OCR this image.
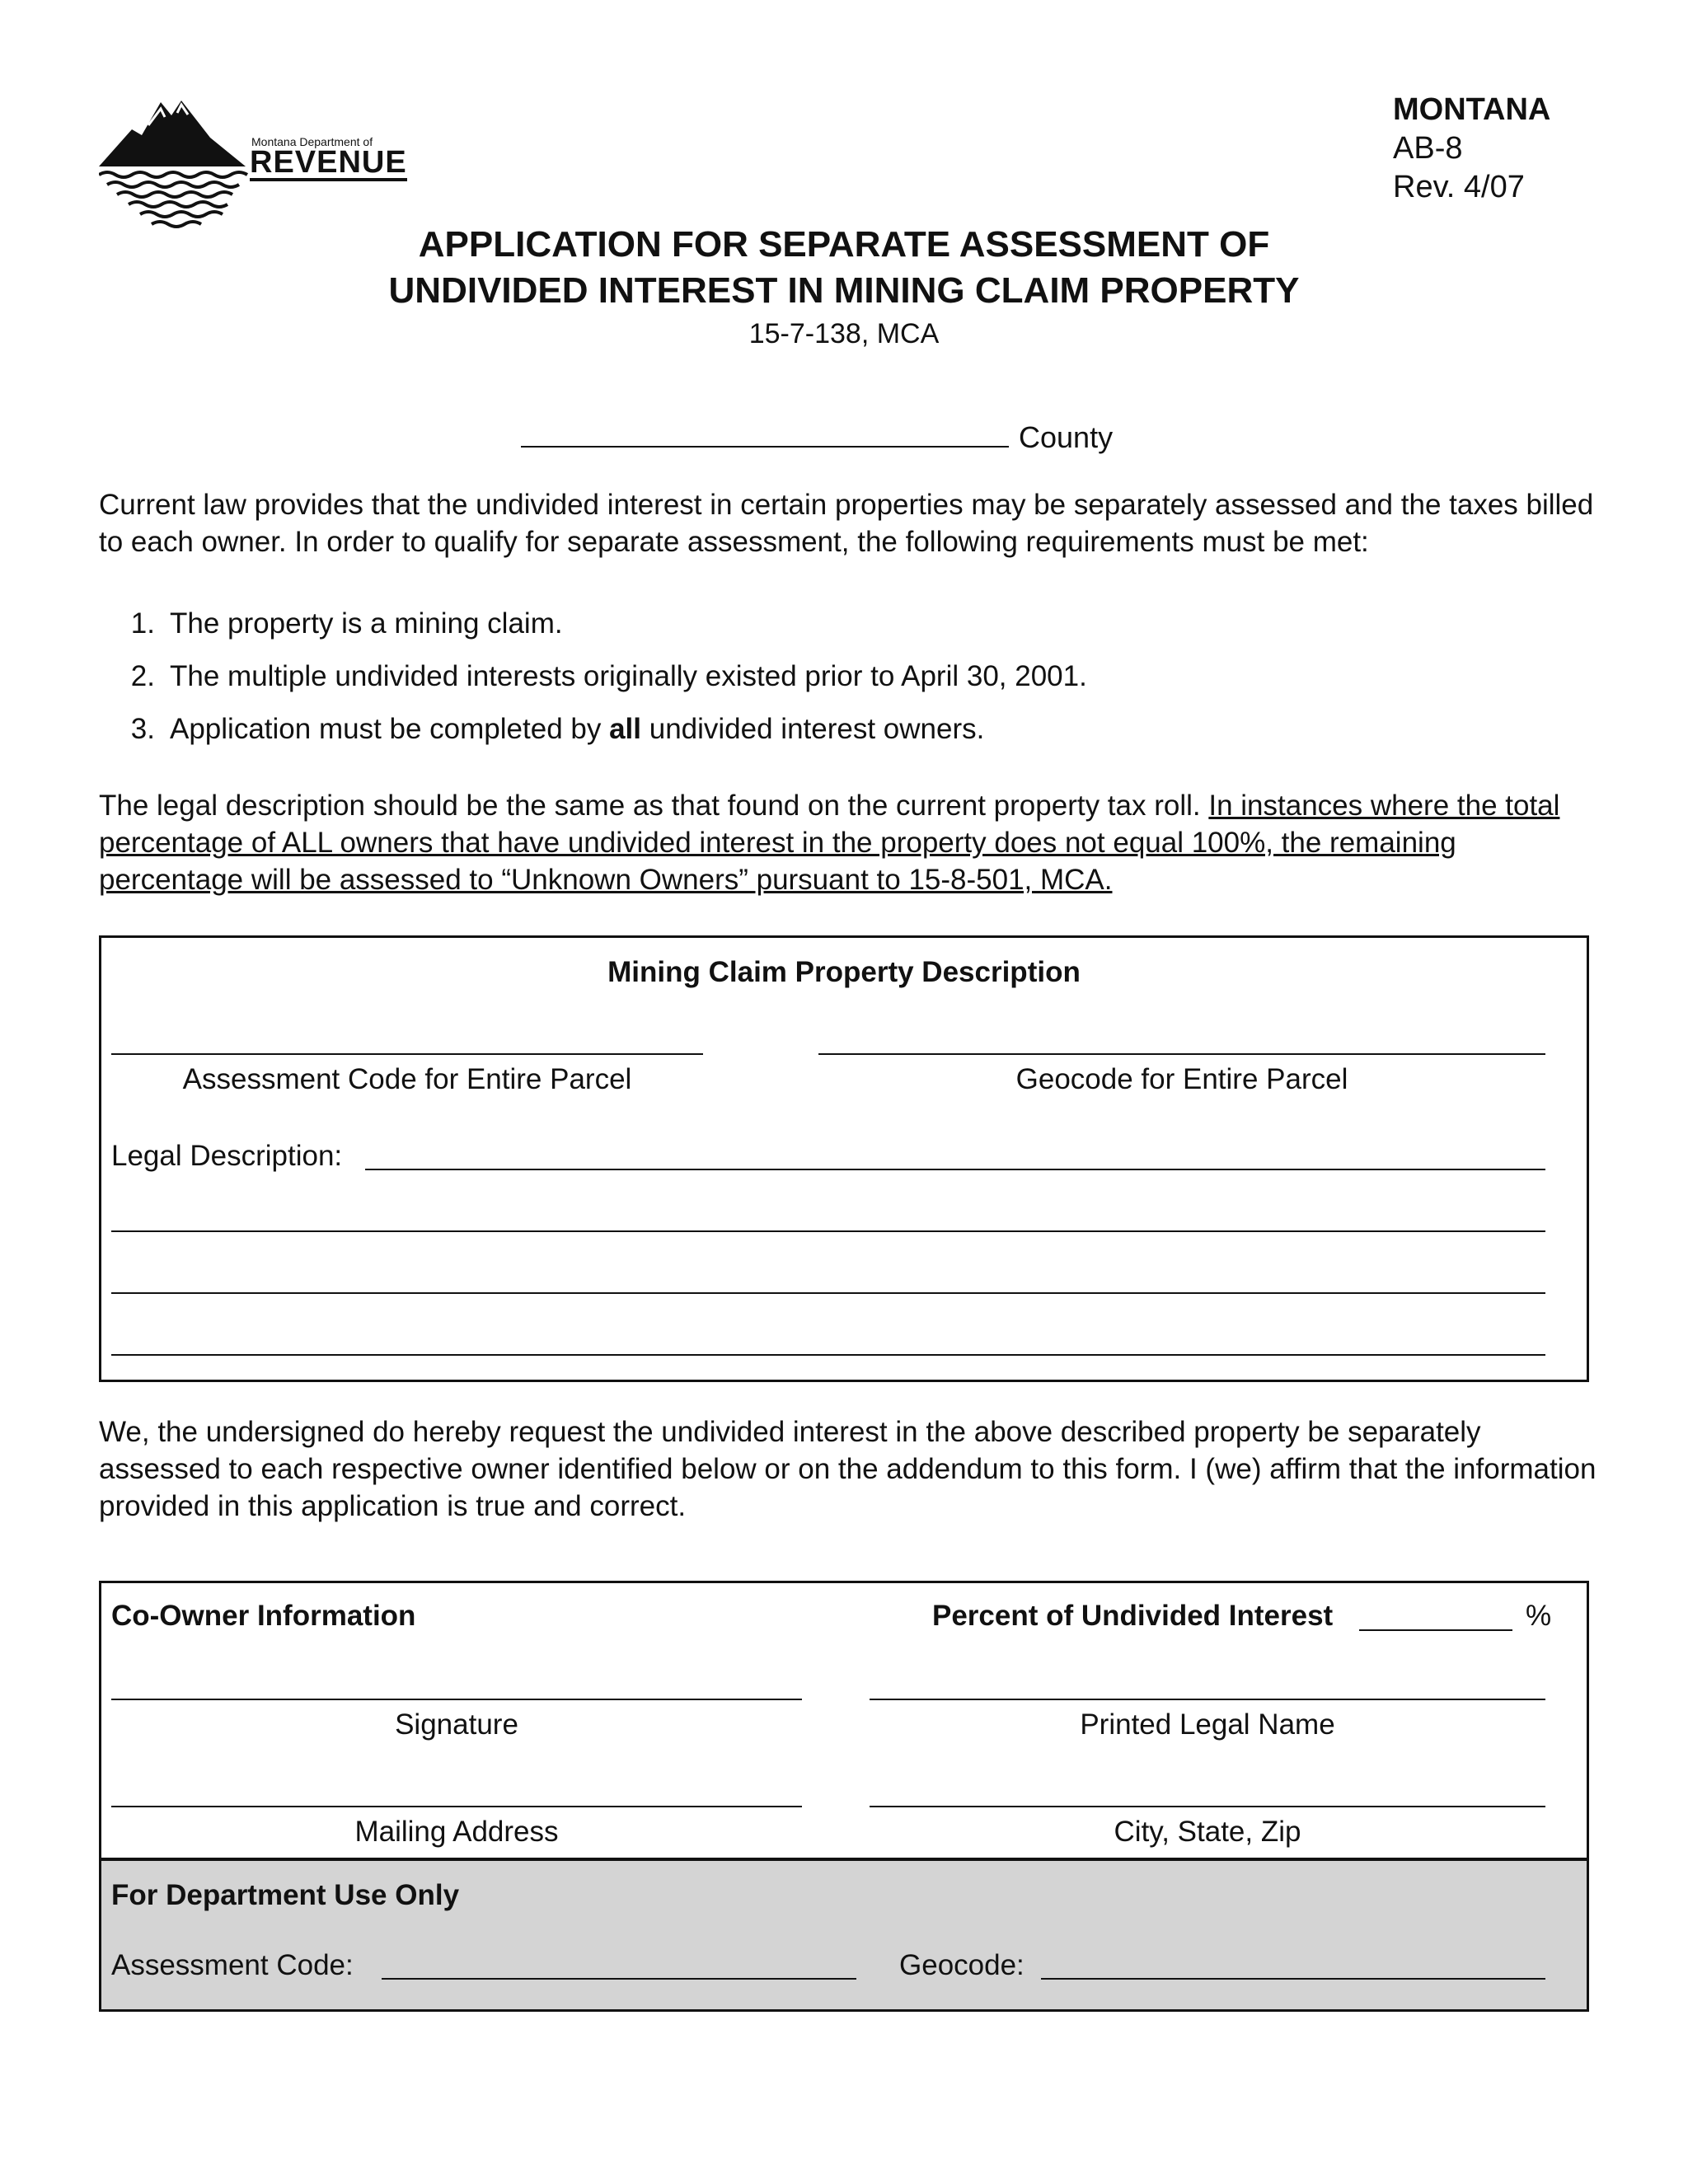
Montana Department of
REVENUE
MONTANA
AB-8
Rev. 4/07
APPLICATION FOR SEPARATE ASSESSMENT OF
UNDIVIDED INTEREST IN MINING CLAIM PROPERTY
15-7-138, MCA
County
Current law provides that the undivided interest in certain properties may be separately assessed and the taxes billed to each owner. In order to qualify for separate assessment, the following requirements must be met:
1. The property is a mining claim.
2. The multiple undivided interests originally existed prior to April 30, 2001.
3. Application must be completed by all undivided interest owners.
The legal description should be the same as that found on the current property tax roll. In instances where the total percentage of ALL owners that have undivided interest in the property does not equal 100%, the remaining percentage will be assessed to “Unknown Owners” pursuant to 15-8-501, MCA.
Mining Claim Property Description
Assessment Code for Entire Parcel	Geocode for Entire Parcel
Legal Description:
We, the undersigned do hereby request the undivided interest in the above described property be separately assessed to each respective owner identified below or on the addendum to this form. I (we) affirm that the information provided in this application is true and correct.
Co-Owner Information	Percent of Undivided Interest	%
Signature	Printed Legal Name
Mailing Address	City, State, Zip
For Department Use Only
Assessment Code:	Geocode:
